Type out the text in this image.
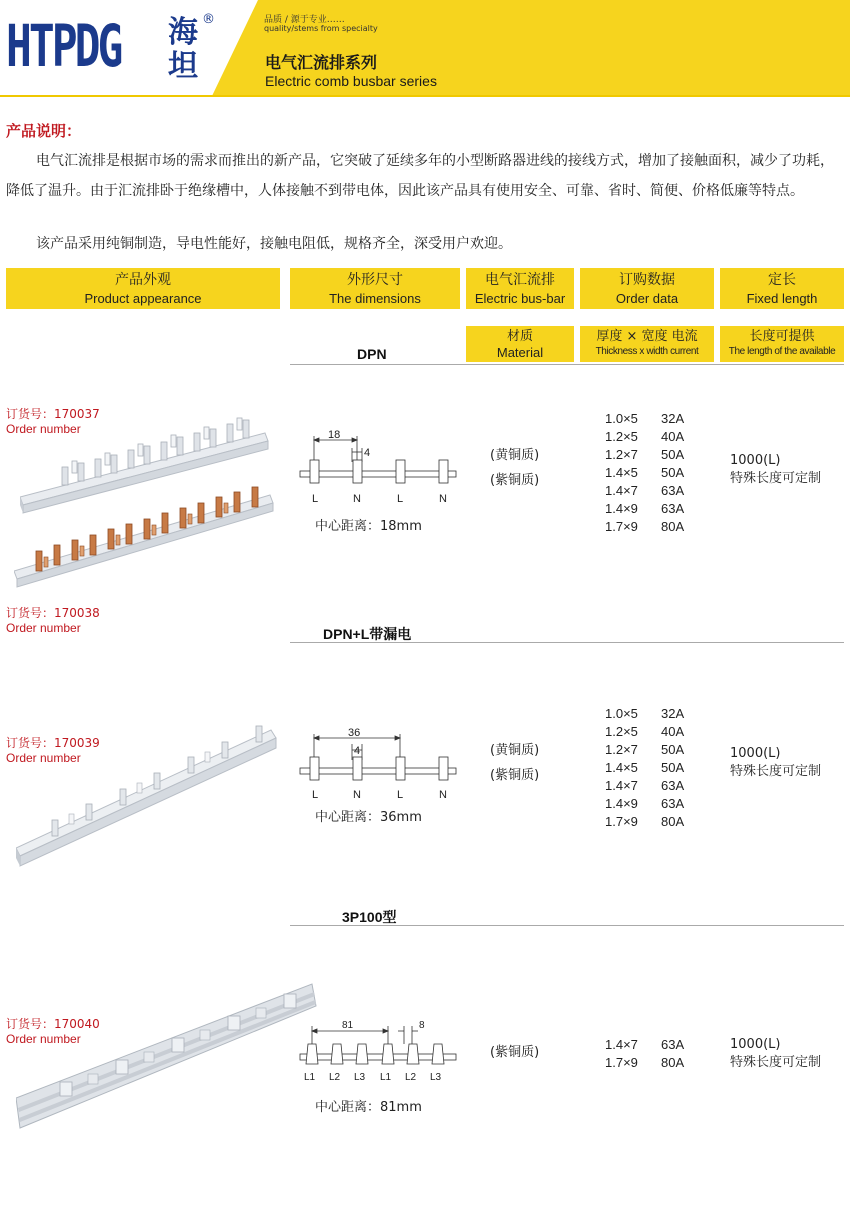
HTPDG 海
坦
®	品质 / 源于专业……
quality/stems from specialty
电气汇流排系列
Electric comb busbar series
产品说明：
电气汇流排是根据市场的需求而推出的新产品，它突破了延续多年的小型断路器进线的接线方式，增加了接触面积，减少了功耗，降低了温升。由于汇流排卧于绝缘槽中，人体接触不到带电体，因此该产品具有使用安全、可靠、省时、简便、价格低廉等特点。
该产品采用纯铜制造，导电性能好，接触电阻低，规格齐全，深受用户欢迎。
产品外观
Product appearance
外形尺寸
The dimensions
电气汇流排
Electric bus-bar
订购数据
Order data
定长
Fixed length
材质
Material
厚度 × 宽度 电流
Thickness x width current
长度可提供
The length of the available
DPN
订货号：170037
Order number
订货号：170038
Order number
18
4
L	N	L	N
中心距离：18mm
(黄铜质)
(紫铜质)
1.0×5	32A
1.2×5	40A
1.2×7	50A
1.4×5	50A
1.4×7	63A
1.4×9	63A
1.7×9	80A
1000(L)
特殊长度可定制
DPN+L带漏电
订货号：170039
Order number
36
4
L	N	L	N
中心距离：36mm
(黄铜质)
(紫铜质)
1.0×5	32A
1.2×5	40A
1.2×7	50A
1.4×5	50A
1.4×7	63A
1.4×9	63A
1.7×9	80A
1000(L)
特殊长度可定制
3P100型
订货号：170040
Order number
81	8
L1 L2 L3 L1 L2 L3
中心距离：81mm
(紫铜质)
1.4×7	63A
1.7×9	80A
1000(L)
特殊长度可定制
